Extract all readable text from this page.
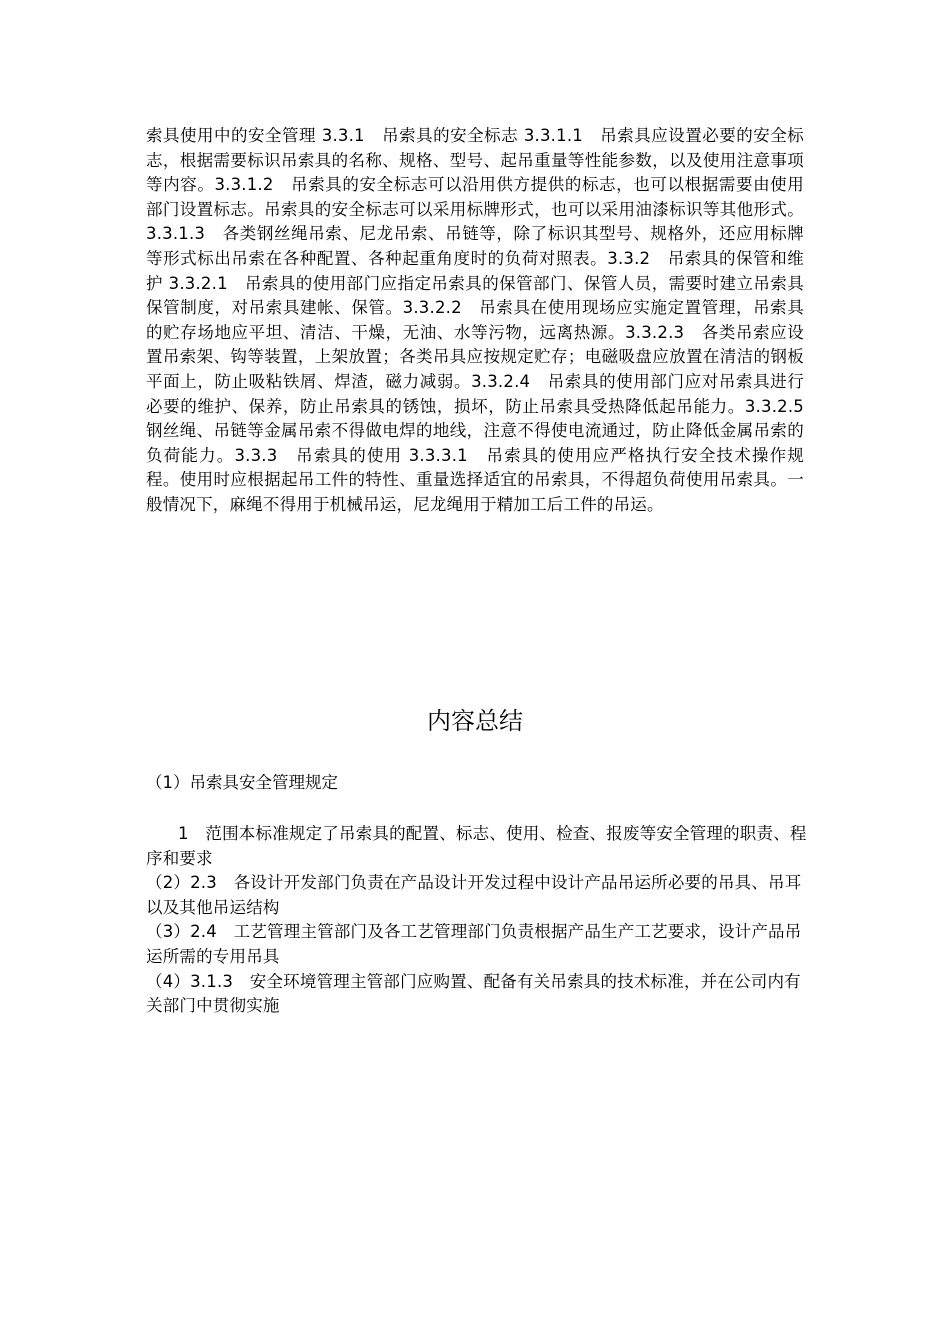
索具使用中的安全管理 3.3.1　吊索具的安全标志 3.3.1.1　吊索具应设置必要的安全标志，根据需要标识吊索具的名称、规格、型号、起吊重量等性能参数，以及使用注意事项等内容。3.3.1.2　吊索具的安全标志可以沿用供方提供的标志，也可以根据需要由使用部门设置标志。吊索具的安全标志可以采用标牌形式，也可以采用油漆标识等其他形式。3.3.1.3　各类钢丝绳吊索、尼龙吊索、吊链等，除了标识其型号、规格外，还应用标牌等形式标出吊索在各种配置、各种起重角度时的负荷对照表。3.3.2　吊索具的保管和维护 3.3.2.1　吊索具的使用部门应指定吊索具的保管部门、保管人员，需要时建立吊索具保管制度，对吊索具建帐、保管。3.3.2.2　吊索具在使用现场应实施定置管理，吊索具的贮存场地应平坦、清洁、干燥，无油、水等污物，远离热源。3.3.2.3　各类吊索应设置吊索架、钩等装置，上架放置；各类吊具应按规定贮存；电磁吸盘应放置在清洁的钢板平面上，防止吸粘铁屑、焊渣，磁力减弱。3.3.2.4　吊索具的使用部门应对吊索具进行必要的维护、保养，防止吊索具的锈蚀，损坏，防止吊索具受热降低起吊能力。3.3.2.5　钢丝绳、吊链等金属吊索不得做电焊的地线，注意不得使电流通过，防止降低金属吊索的负荷能力。3.3.3　吊索具的使用 3.3.3.1　吊索具的使用应严格执行安全技术操作规程。使用时应根据起吊工件的特性、重量选择适宜的吊索具，不得超负荷使用吊索具。一般情况下，麻绳不得用于机械吊运，尼龙绳用于精加工后工件的吊运。

内容总结

（1）吊索具安全管理规定

1　范围本标准规定了吊索具的配置、标志、使用、检查、报废等安全管理的职责、程序和要求
（2）2.3　各设计开发部门负责在产品设计开发过程中设计产品吊运所必要的吊具、吊耳以及其他吊运结构
（3）2.4　工艺管理主管部门及各工艺管理部门负责根据产品生产工艺要求，设计产品吊运所需的专用吊具
（4）3.1.3　安全环境管理主管部门应购置、配备有关吊索具的技术标准，并在公司内有关部门中贯彻实施
